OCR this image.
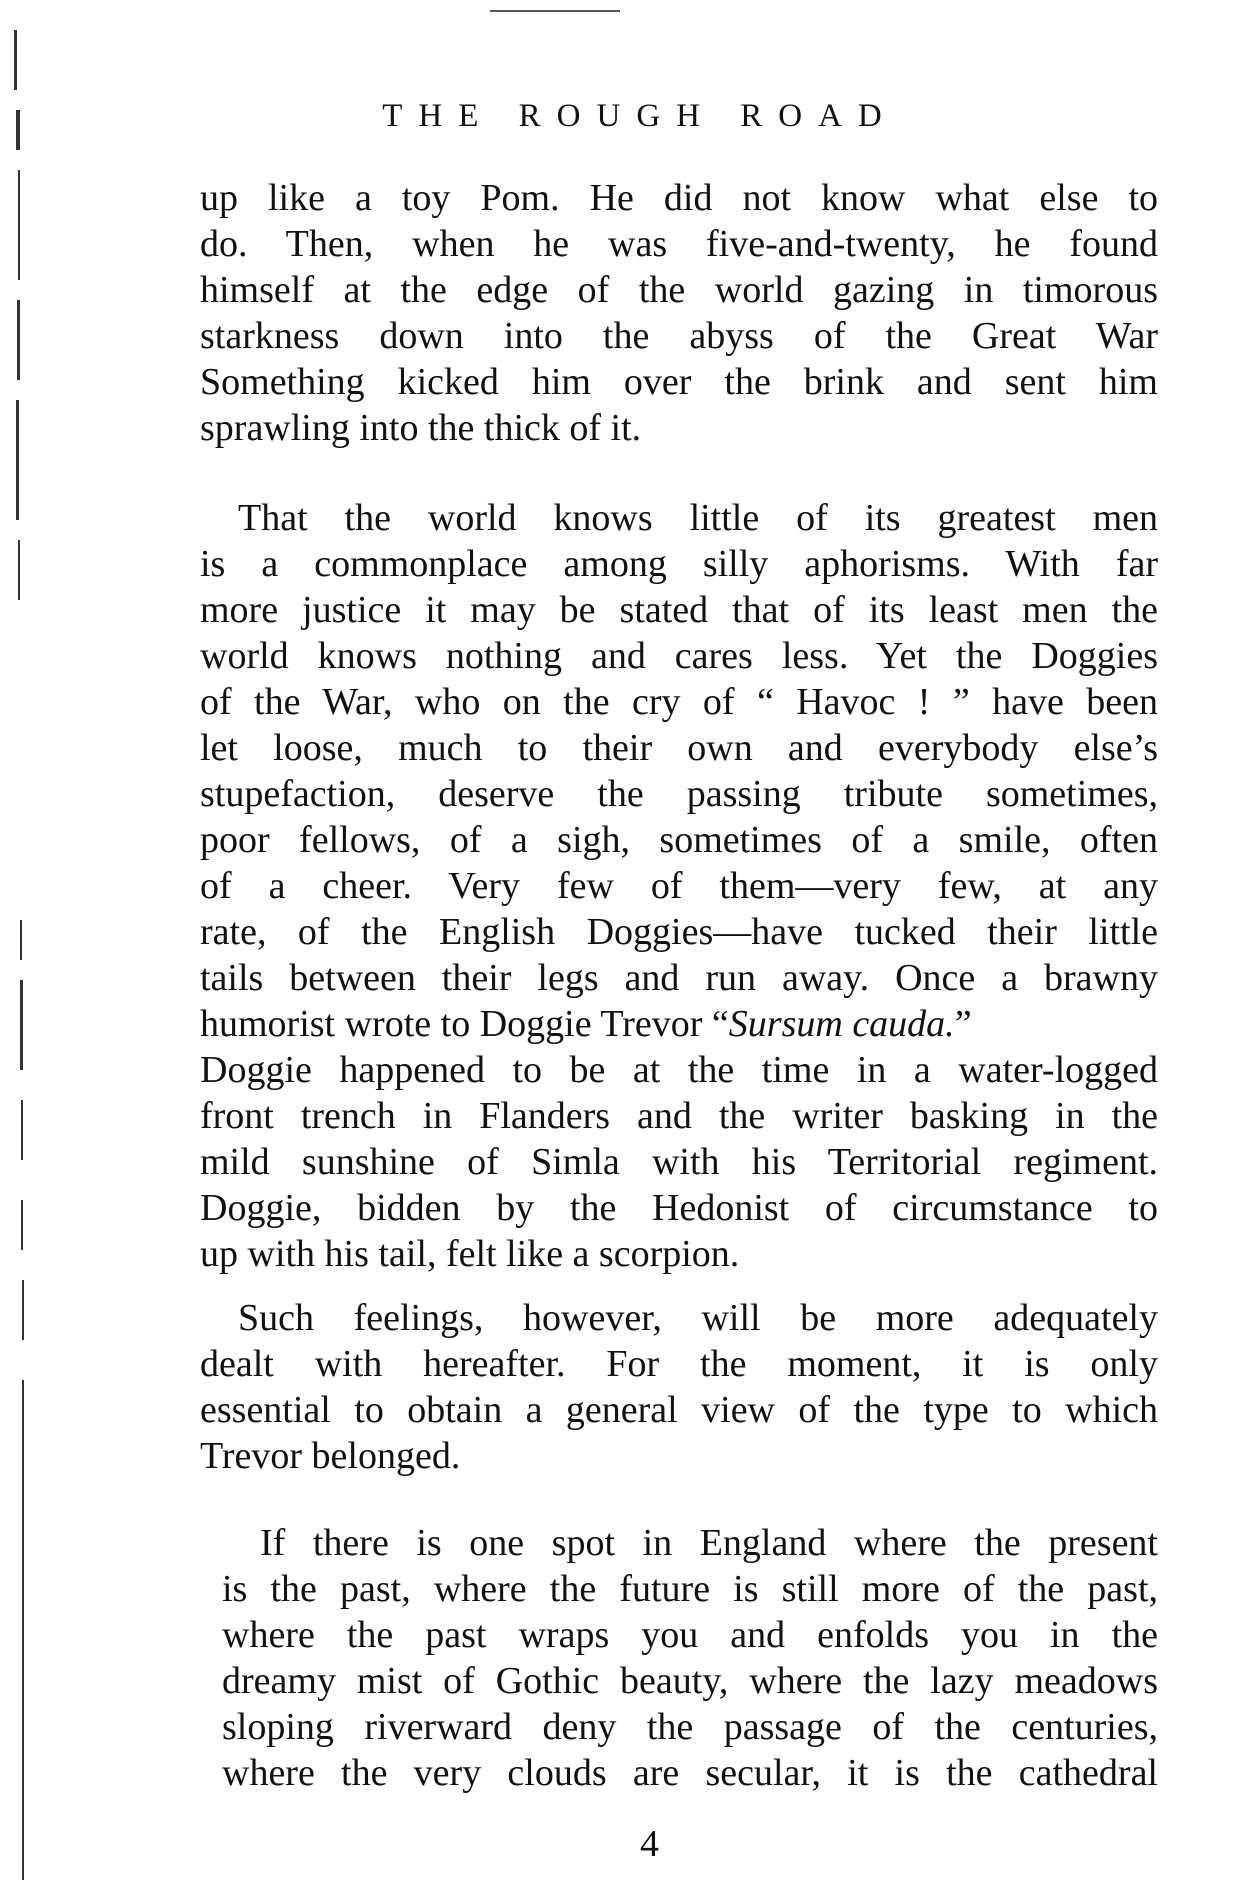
THE ROUGH ROAD
up like a toy Pom. He did not know what else to
do. Then, when he was five-and-twenty, he found
himself at the edge of the world gazing in timorous
starkness down into the abyss of the Great War
Something kicked him over the brink and sent him
sprawling into the thick of it.
That the world knows little of its greatest men
is a commonplace among silly aphorisms. With far
more justice it may be stated that of its least men the
world knows nothing and cares less. Yet the Doggies
of the War, who on the cry of “ Havoc ! ” have been
let loose, much to their own and everybody else’s
stupefaction, deserve the passing tribute sometimes,
poor fellows, of a sigh, sometimes of a smile, often
of a cheer. Very few of them—very few, at any
rate, of the English Doggies—have tucked their little
tails between their legs and run away. Once a brawny
humorist wrote to Doggie Trevor “Sursum cauda.”
Doggie happened to be at the time in a water-logged
front trench in Flanders and the writer basking in the
mild sunshine of Simla with his Territorial regiment.
Doggie, bidden by the Hedonist of circumstance to
up with his tail, felt like a scorpion.
Such feelings, however, will be more adequately
dealt with hereafter. For the moment, it is only
essential to obtain a general view of the type to which
Trevor belonged.
If there is one spot in England where the present
is the past, where the future is still more of the past,
where the past wraps you and enfolds you in the
dreamy mist of Gothic beauty, where the lazy meadows
sloping riverward deny the passage of the centuries,
where the very clouds are secular, it is the cathedral
4
